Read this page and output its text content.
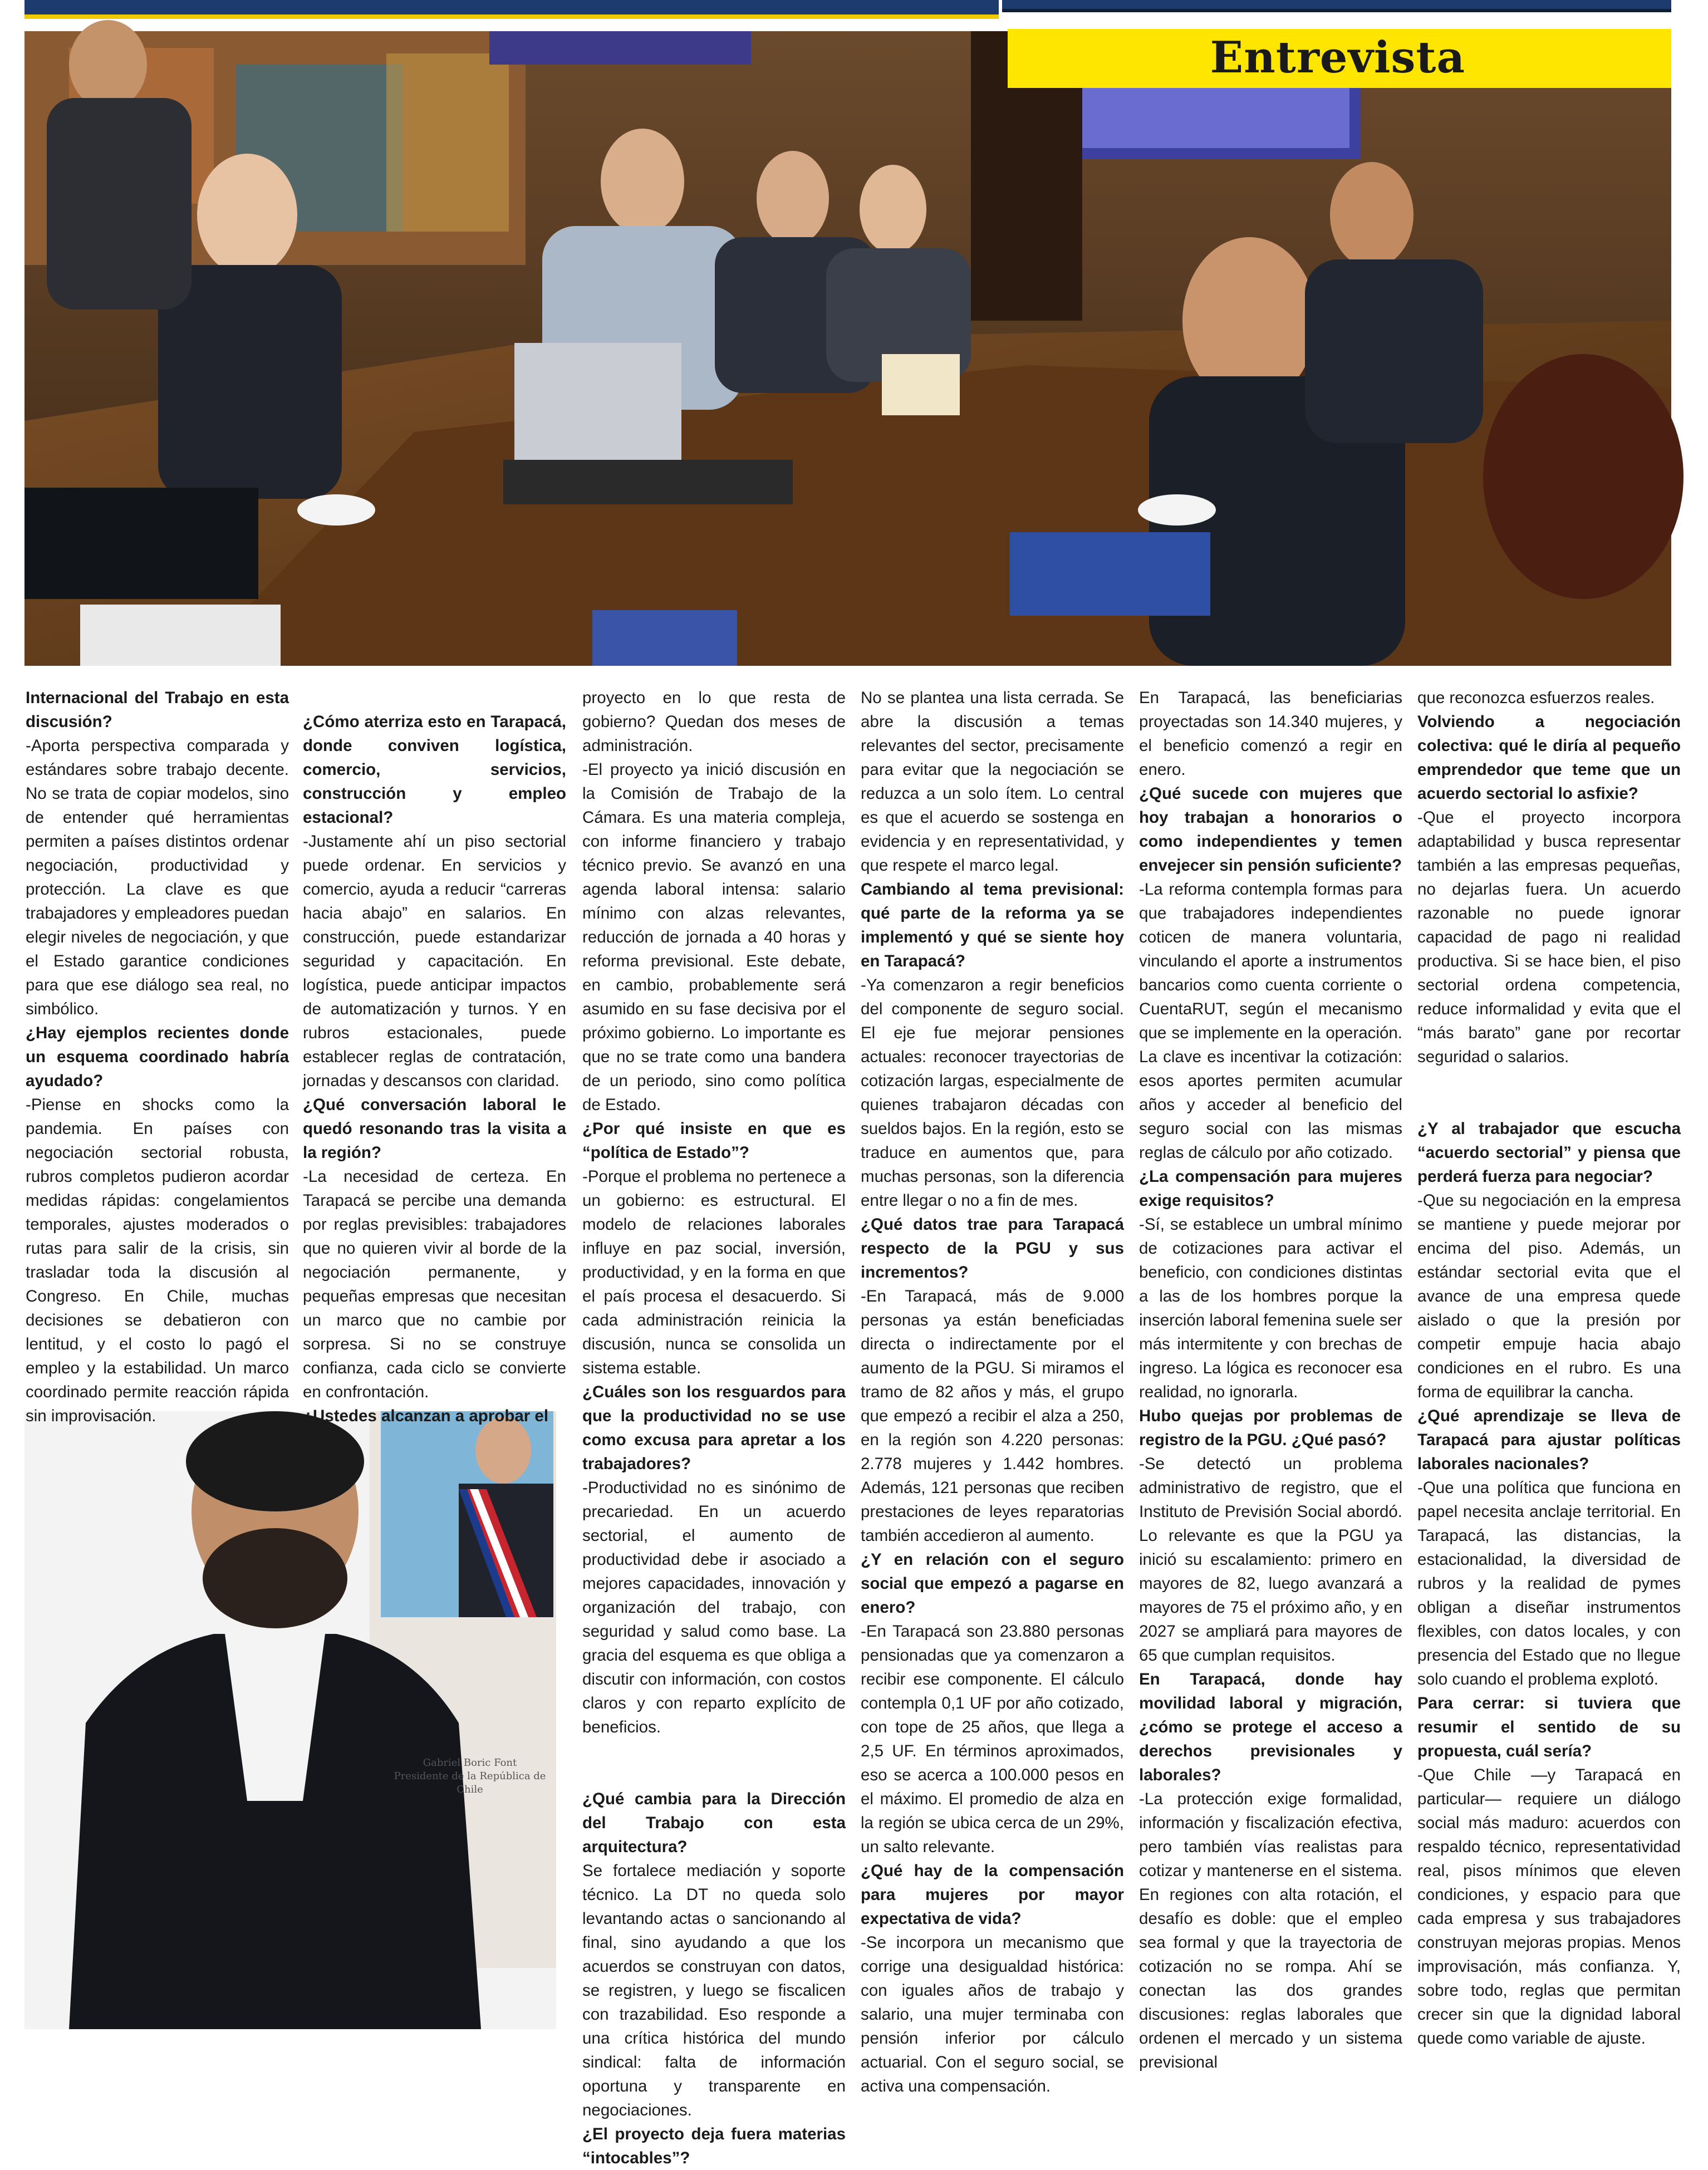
Entrevista
Gabriel Boric Font
Presidente de la República de Chile

Internacional del Trabajo en esta discusión?

-Aporta perspectiva comparada y estándares sobre trabajo decente. No se trata de copiar modelos, sino de entender qué herramientas permiten a países distintos ordenar negociación, productividad y protección. La clave es que trabajadores y empleadores puedan elegir niveles de negociación, y que el Estado garantice condiciones para que ese diálogo sea real, no simbólico.

¿Hay ejemplos recientes donde un esquema coordinado habría ayudado?

-Piense en shocks como la pandemia. En países con negociación sectorial robusta, rubros completos pudieron acordar medidas rápidas: congelamientos temporales, ajustes moderados o rutas para salir de la crisis, sin trasladar toda la discusión al Congreso. En Chile, muchas decisiones se debatieron con lentitud, y el costo lo pagó el empleo y la estabilidad. Un marco coordinado permite reacción rápida sin improvisación.

¿Cómo aterriza esto en Tarapacá, donde conviven logística, comercio, servicios, construcción y empleo estacional?

-Justamente ahí un piso sectorial puede ordenar. En servicios y comercio, ayuda a reducir “carreras hacia abajo” en salarios. En construcción, puede estandarizar seguridad y capacitación. En logística, puede anticipar impactos de automatización y turnos. Y en rubros estacionales, puede establecer reglas de contratación, jornadas y descansos con claridad.

¿Qué conversación laboral le quedó resonando tras la visita a la región?

-La necesidad de certeza. En Tarapacá se percibe una demanda por reglas previsibles: trabajadores que no quieren vivir al borde de la negociación permanente, y pequeñas empresas que necesitan un marco que no cambie por sorpresa. Si no se construye confianza, cada ciclo se convierte en confrontación.

¿Ustedes alcanzan a aprobar el

proyecto en lo que resta de gobierno? Quedan dos meses de administración.

-El proyecto ya inició discusión en la Comisión de Trabajo de la Cámara. Es una materia compleja, con informe financiero y trabajo técnico previo. Se avanzó en una agenda laboral intensa: salario mínimo con alzas relevantes, reducción de jornada a 40 horas y reforma previsional. Este debate, en cambio, probablemente será asumido en su fase decisiva por el próximo gobierno. Lo importante es que no se trate como una bandera de un periodo, sino como política de Estado.

¿Por qué insiste en que es “política de Estado”?

-Porque el problema no pertenece a un gobierno: es estructural. El modelo de relaciones laborales influye en paz social, inversión, productividad, y en la forma en que el país procesa el desacuerdo. Si cada administración reinicia la discusión, nunca se consolida un sistema estable.

¿Cuáles son los resguardos para que la productividad no se use como excusa para apretar a los trabajadores?

-Productividad no es sinónimo de precariedad. En un acuerdo sectorial, el aumento de productividad debe ir asociado a mejores capacidades, innovación y organización del trabajo, con seguridad y salud como base. La gracia del esquema es que obliga a discutir con información, con costos claros y con reparto explícito de beneficios.

¿Qué cambia para la Dirección del Trabajo con esta arquitectura?

Se fortalece mediación y soporte técnico. La DT no queda solo levantando actas o sancionando al final, sino ayudando a que los acuerdos se construyan con datos, se registren, y luego se fiscalicen con trazabilidad. Eso responde a una crítica histórica del mundo sindical: falta de información oportuna y transparente en negociaciones.

¿El proyecto deja fuera materias “intocables”?

No se plantea una lista cerrada. Se abre la discusión a temas relevantes del sector, precisamente para evitar que la negociación se reduzca a un solo ítem. Lo central es que el acuerdo se sostenga en evidencia y en representatividad, y que respete el marco legal.

Cambiando al tema previsional: qué parte de la reforma ya se implementó y qué se siente hoy en Tarapacá?

-Ya comenzaron a regir beneficios del componente de seguro social. El eje fue mejorar pensiones actuales: reconocer trayectorias de cotización largas, especialmente de quienes trabajaron décadas con sueldos bajos. En la región, esto se traduce en aumentos que, para muchas personas, son la diferencia entre llegar o no a fin de mes.

¿Qué datos trae para Tarapacá respecto de la PGU y sus incrementos?

-En Tarapacá, más de 9.000 personas ya están beneficiadas directa o indirectamente por el aumento de la PGU. Si miramos el tramo de 82 años y más, el grupo que empezó a recibir el alza a 250, en la región son 4.220 personas: 2.778 mujeres y 1.442 hombres. Además, 121 personas que reciben prestaciones de leyes reparatorias también accedieron al aumento.

¿Y en relación con el seguro social que empezó a pagarse en enero?

-En Tarapacá son 23.880 personas pensionadas que ya comenzaron a recibir ese componente. El cálculo contempla 0,1 UF por año cotizado, con tope de 25 años, que llega a 2,5 UF. En términos aproximados, eso se acerca a 100.000 pesos en el máximo. El promedio de alza en la región se ubica cerca de un 29%, un salto relevante.

¿Qué hay de la compensación para mujeres por mayor expectativa de vida?

-Se incorpora un mecanismo que corrige una desigualdad histórica: con iguales años de trabajo y salario, una mujer terminaba con pensión inferior por cálculo actuarial. Con el seguro social, se activa una compensación.

En Tarapacá, las beneficiarias proyectadas son 14.340 mujeres, y el beneficio comenzó a regir en enero.

¿Qué sucede con mujeres que hoy trabajan a honorarios o como independientes y temen envejecer sin pensión suficiente?

-La reforma contempla formas para que trabajadores independientes coticen de manera voluntaria, vinculando el aporte a instrumentos bancarios como cuenta corriente o CuentaRUT, según el mecanismo que se implemente en la operación. La clave es incentivar la cotización: esos aportes permiten acumular años y acceder al beneficio del seguro social con las mismas reglas de cálculo por año cotizado.

¿La compensación para mujeres exige requisitos?

-Sí, se establece un umbral mínimo de cotizaciones para activar el beneficio, con condiciones distintas a las de los hombres porque la inserción laboral femenina suele ser más intermitente y con brechas de ingreso. La lógica es reconocer esa realidad, no ignorarla.

Hubo quejas por problemas de registro de la PGU. ¿Qué pasó?

-Se detectó un problema administrativo de registro, que el Instituto de Previsión Social abordó. Lo relevante es que la PGU ya inició su escalamiento: primero en mayores de 82, luego avanzará a mayores de 75 el próximo año, y en 2027 se ampliará para mayores de 65 que cumplan requisitos.

En Tarapacá, donde hay movilidad laboral y migración, ¿cómo se protege el acceso a derechos previsionales y laborales?

-La protección exige formalidad, información y fiscalización efectiva, pero también vías realistas para cotizar y mantenerse en el sistema. En regiones con alta rotación, el desafío es doble: que el empleo sea formal y que la trayectoria de cotización no se rompa. Ahí se conectan las dos grandes discusiones: reglas laborales que ordenen el mercado y un sistema previsional

que reconozca esfuerzos reales.

Volviendo a negociación colectiva: qué le diría al pequeño emprendedor que teme que un acuerdo sectorial lo asfixie?

-Que el proyecto incorpora adaptabilidad y busca representar también a las empresas pequeñas, no dejarlas fuera. Un acuerdo razonable no puede ignorar capacidad de pago ni realidad productiva. Si se hace bien, el piso sectorial ordena competencia, reduce informalidad y evita que el “más barato” gane por recortar seguridad o salarios.

¿Y al trabajador que escucha “acuerdo sectorial” y piensa que perderá fuerza para negociar?

-Que su negociación en la empresa se mantiene y puede mejorar por encima del piso. Además, un estándar sectorial evita que el avance de una empresa quede aislado o que la presión por competir empuje hacia abajo condiciones en el rubro. Es una forma de equilibrar la cancha.

¿Qué aprendizaje se lleva de Tarapacá para ajustar políticas laborales nacionales?

-Que una política que funciona en papel necesita anclaje territorial. En Tarapacá, las distancias, la estacionalidad, la diversidad de rubros y la realidad de pymes obligan a diseñar instrumentos flexibles, con datos locales, y con presencia del Estado que no llegue solo cuando el problema explotó.

Para cerrar: si tuviera que resumir el sentido de su propuesta, cuál sería?

-Que Chile —y Tarapacá en particular— requiere un diálogo social más maduro: acuerdos con respaldo técnico, representatividad real, pisos mínimos que eleven condiciones, y espacio para que cada empresa y sus trabajadores construyan mejoras propias. Menos improvisación, más confianza. Y, sobre todo, reglas que permitan crecer sin que la dignidad laboral quede como variable de ajuste.
